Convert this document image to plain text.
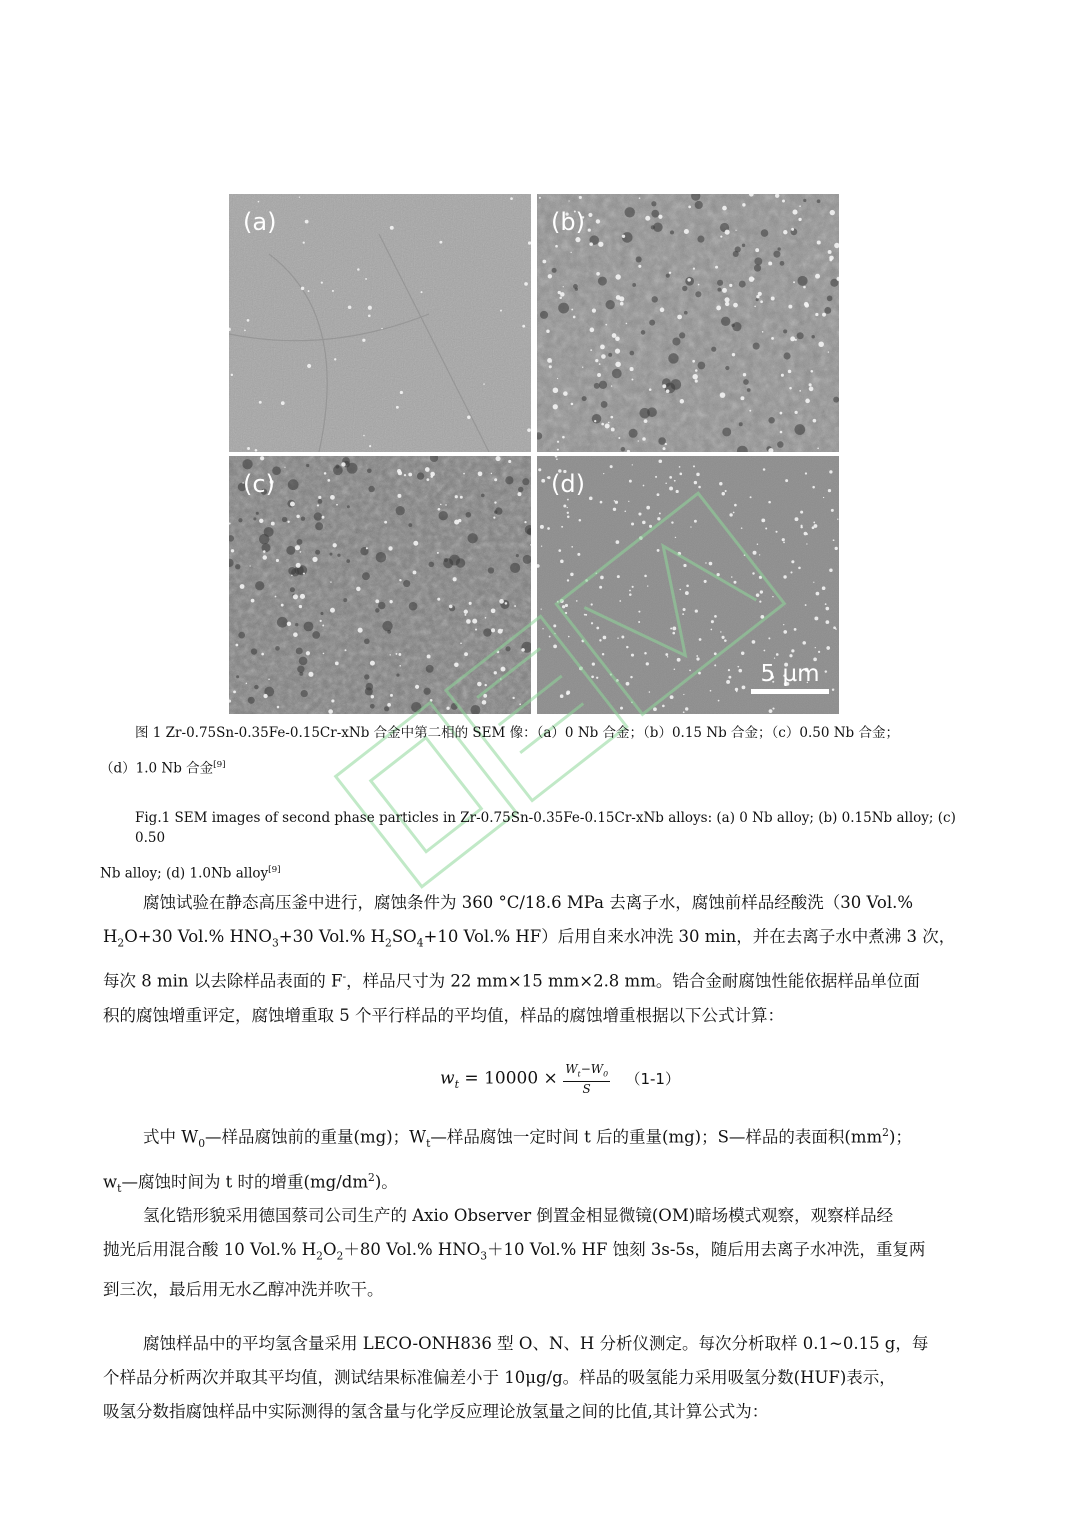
(a)	(b)
(c)	(d)
5 µm
图 1 Zr-0.75Sn-0.35Fe-0.15Cr-xNb 合金中第二相的 SEM 像：（a）0 Nb 合金；（b）0.15 Nb 合金；（c）0.50 Nb 合金；
（d）1.0 Nb 合金[9]
Fig.1 SEM images of second phase particles in Zr-0.75Sn-0.35Fe-0.15Cr-xNb alloys: (a) 0 Nb alloy; (b) 0.15Nb alloy; (c) 0.50
Nb alloy; (d) 1.0Nb alloy[9]
腐蚀试验在静态高压釜中进行，腐蚀条件为 360 °C/18.6 MPa 去离子水，腐蚀前样品经酸洗（30 Vol.%
$H_2O+30$ Vol.% $HNO_3+30$ Vol.% $H_2SO_4+10$ Vol.% HF）后用自来水冲洗 30 min，并在去离子水中煮沸 3 次，
每次 8 min 以去除样品表面的 F-，样品尺寸为 22 mm×15 mm×2.8 mm。锆合金耐腐蚀性能依据样品单位面
积的腐蚀增重评定，腐蚀增重取 5 个平行样品的平均值，样品的腐蚀增重根据以下公式计算：
$w_t = 10000 \times \frac{W_t-W_0}{S} (1-1)$
式中 $W_0—$样品腐蚀前的重量(mg)；$W_t—$样品腐蚀一定时间 t 后的重量(mg)；S—样品的表面积$(mm^2)$；
$w_t—$腐蚀时间为 t 时的增重$(mg/dm^2)$。
氢化锆形貌采用德国蔡司公司生产的 Axio Observer 倒置金相显微镜(OM)暗场模式观察，观察样品经
抛光后用混合酸 10 Vol.% $H_2O_2+80$ Vol.% $HNO_3+10$ Vol.% HF 蚀刻 3s-5s，随后用去离子水冲洗，重复两
到三次，最后用无水乙醇冲洗并吹干。
腐蚀样品中的平均氢含量采用 LECO-ONH836 型 O、N、H 分析仪测定。每次分析取样 0.1~0.15 g，每
个样品分析两次并取其平均值，测试结果标准偏差小于 10μg/g。样品的吸氢能力采用吸氢分数(HUF)表示，
吸氢分数指腐蚀样品中实际测得的氢含量与化学反应理论放氢量之间的比值,其计算公式为：
